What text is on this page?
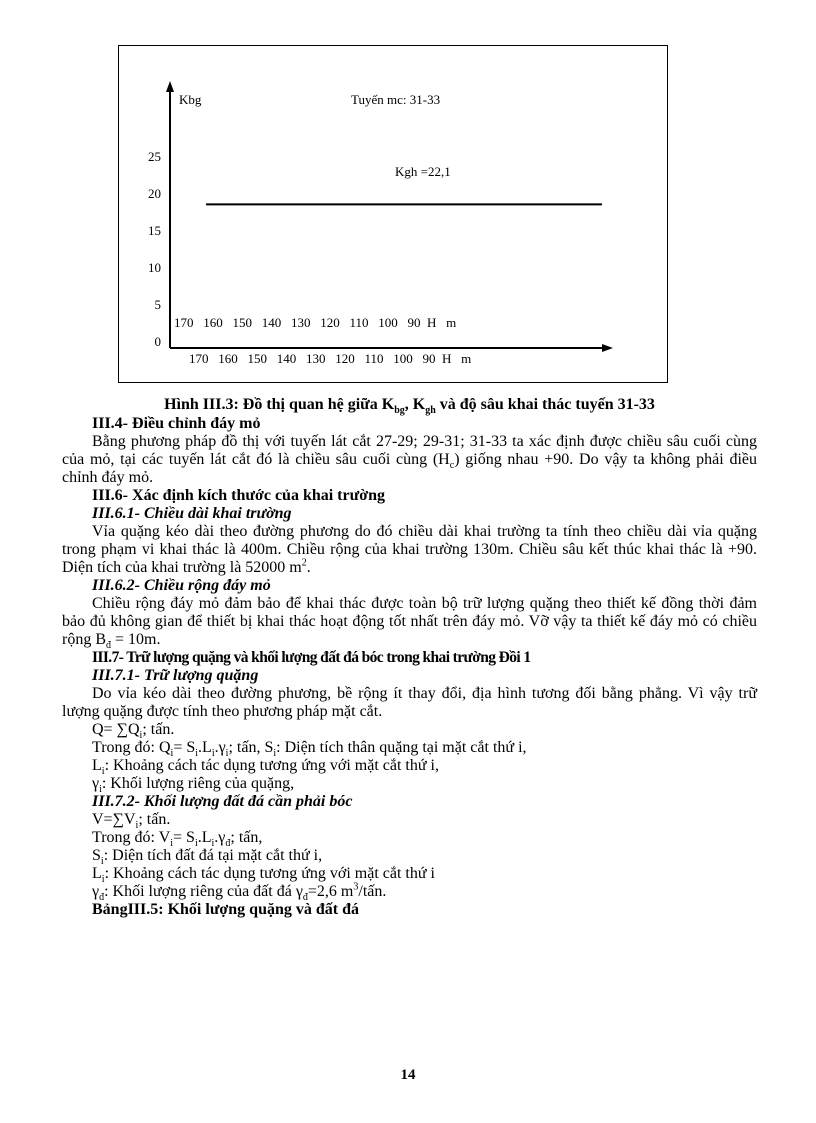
Kbg	Tuyến mc: 31-33
Kgh =22,1
0
5
10
15
20
25
170   160   150   140   130   120   110   100   90  H   m
170   160   150   140   130   120   110   100   90  H   m

Hình III.3: Đồ thị quan hệ giữa $K_{bg}$, $K_{gh}$ và độ sâu khai thác tuyến 31-33

III.4- Điều chỉnh đáy mỏ

Bằng phương pháp đồ thị với tuyến lát cắt 27-29; 29-31; 31-33 ta xác định được chiều sâu cuối cùng của mỏ, tại các tuyến lát cắt đó là chiều sâu cuối cùng $(H_c)$ giống nhau +90. Do vậy ta không phải điều chỉnh đáy mỏ.

III.6- Xác định kích thước của khai trường

III.6.1- Chiều dài khai trường

Vỉa quặng kéo dài theo đường phương do đó chiều dài khai trường ta tính theo chiều dài vỉa quặng trong phạm vi khai thác là 400m. Chiều rộng của khai trường 130m. Chiều sâu kết thúc khai thác là +90. Diện tích của khai trường là 52000 $m^2$.

III.6.2- Chiều rộng đáy mỏ

Chiều rộng đáy mỏ đảm bảo để khai thác được toàn bộ trữ lượng quặng theo thiết kế đồng thời đảm bảo đủ không gian để thiết bị khai thác hoạt động tốt nhất trên đáy mỏ. Vỡ vậy ta thiết kế đáy mỏ có chiều rộng $B_đ = 10m$.

III.7- Trữ lượng quặng và khối lượng đất đá bóc trong khai trường Đồi 1

III.7.1- Trữ lượng quặng

Do vỉa kéo dài theo đường phương, bề rộng ít thay đổi, địa hình tương đối bằng phẳng. Vì vậy trữ lượng quặng được tính theo phương pháp mặt cắt.

$Q= \sum Q_i$; tấn.

Trong đó: $Q_i= S_i.L_i.\gamma_i$; tấn, $S_i$: Diện tích thân quặng tại mặt cắt thứ i,

$L_i$: Khoảng cách tác dụng tương ứng với mặt cắt thứ i,

$\gamma_i$: Khối lượng riêng của quặng,

III.7.2- Khối lượng đất đá cần phải bóc

$V=\sum V_i$; tấn.

Trong đó: $V_i= S_i.L_i.\gamma_đ$; tấn,

$S_i$: Diện tích đất đá tại mặt cắt thứ i,

$L_i$: Khoảng cách tác dụng tương ứng với mặt cắt thứ i

$\gamma_đ$: Khối lượng riêng của đất đá $\gamma_đ=2,6$ $m^3$/tấn.

BảngIII.5: Khối lượng quặng và đất đá

14
